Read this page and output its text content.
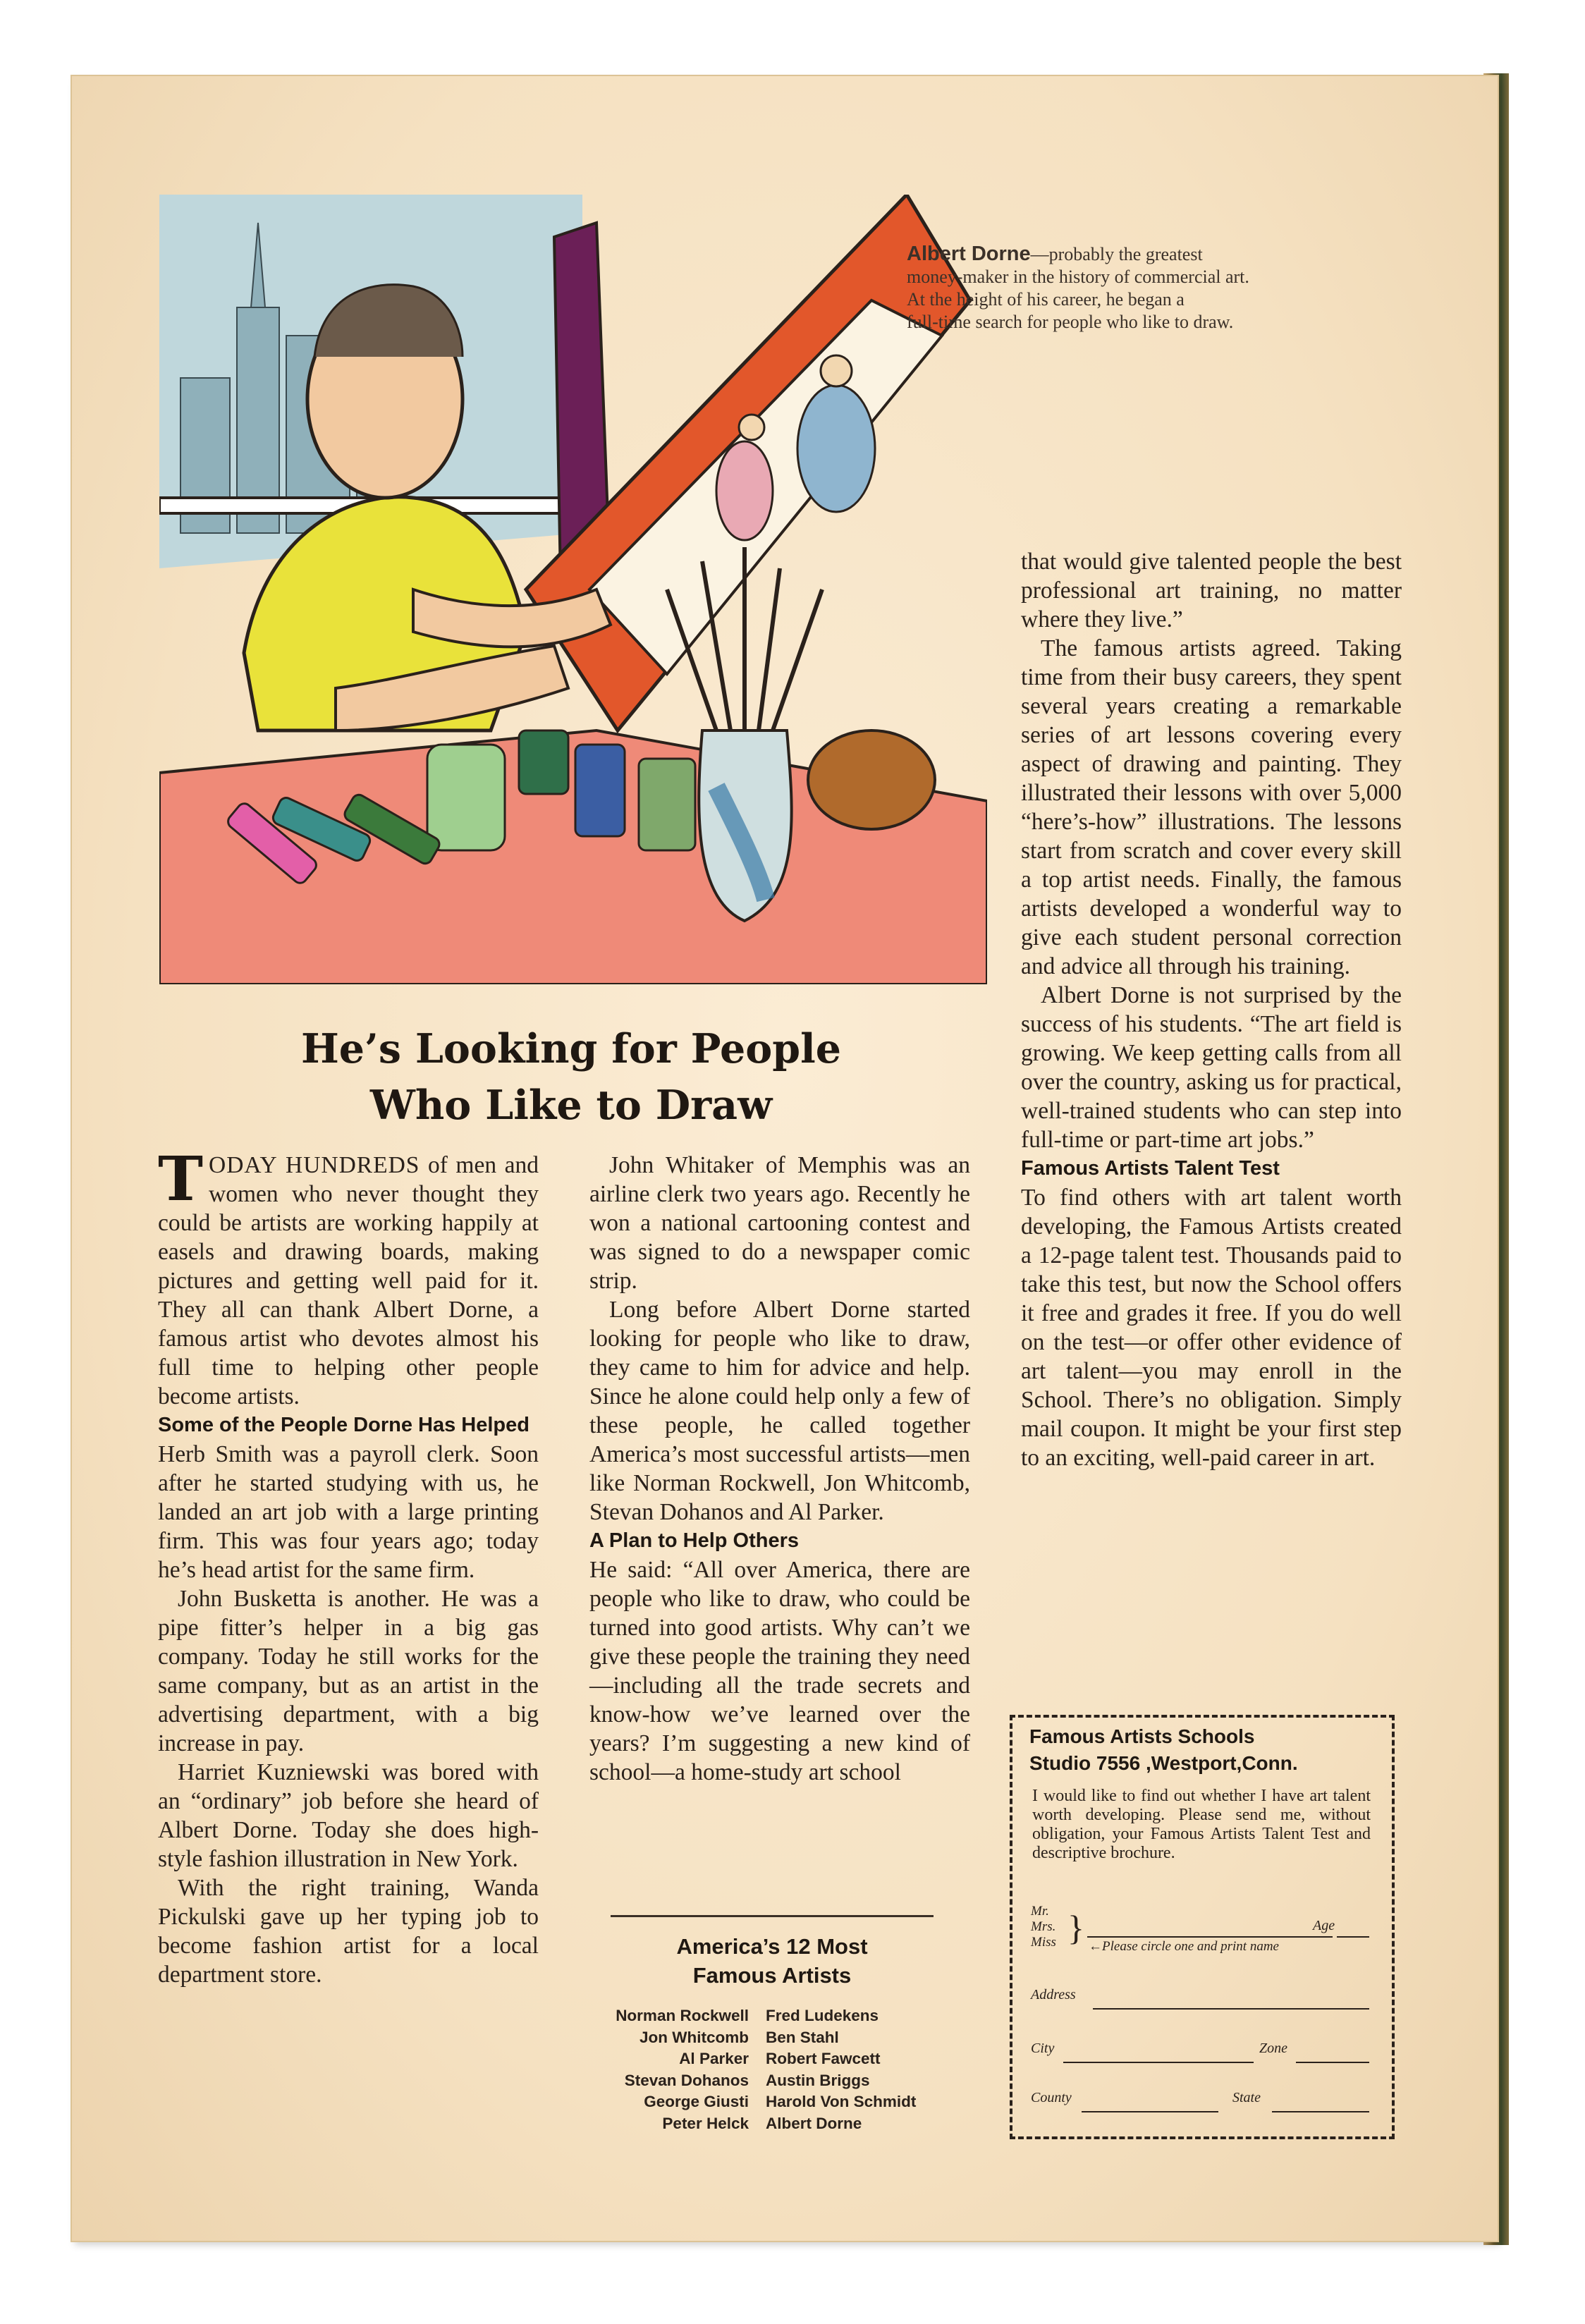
Albert Dorne—probably the greatest
money-maker in the history of commercial art.
At the height of his career, he began a
full-time search for people who like to draw.
He’s Looking for People
Who Like to Draw

TODAY HUNDREDS of men and women who never thought they could be artists are working happily at easels and drawing boards, making pictures and getting well paid for it. They all can thank Albert Dorne, a famous artist who devotes almost his full time to helping other people become artists.

Some of the People Dorne Has Helped

Herb Smith was a payroll clerk. Soon after he started studying with us, he landed an art job with a large printing firm. This was four years ago; today he’s head artist for the same firm.

John Busketta is another. He was a pipe fitter’s helper in a big gas company. Today he still works for the same company, but as an artist in the advertising department, with a big increase in pay.

Harriet Kuzniewski was bored with an “ordinary” job before she heard of Albert Dorne. Today she does high-style fashion illustration in New York.

With the right training, Wanda Pickulski gave up her typing job to become fashion artist for a local department store.

John Whitaker of Memphis was an airline clerk two years ago. Recently he won a national cartooning contest and was signed to do a newspaper comic strip.

Long before Albert Dorne started looking for people who like to draw, they came to him for advice and help. Since he alone could help only a few of these people, he called together America’s most successful artists—men like Norman Rockwell, Jon Whitcomb, Stevan Dohanos and Al Parker.

A Plan to Help Others

He said: “All over America, there are people who like to draw, who could be turned into good artists. Why can’t we give these people the training they need—including all the trade secrets and know-how we’ve learned over the years? I’m suggesting a new kind of school—a home-study art school

that would give talented people the best professional art training, no matter where they live.”

The famous artists agreed. Taking time from their busy careers, they spent several years creating a remarkable series of art lessons covering every aspect of drawing and painting. They illustrated their lessons with over 5,000 “here’s-how” illustrations. The lessons start from scratch and cover every skill a top artist needs. Finally, the famous artists developed a wonderful way to give each student personal correction and advice all through his training.

Albert Dorne is not surprised by the success of his students. “The art field is growing. We keep getting calls from all over the country, asking us for practical, well-trained students who can step into full-time or part-time art jobs.”

Famous Artists Talent Test

To find others with art talent worth developing, the Famous Artists created a 12-page talent test. Thousands paid to take this test, but now the School offers it free and grades it free. If you do well on the test—or offer other evidence of art talent—you may enroll in the School. There’s no obligation. Simply mail coupon. It might be your first step to an exciting, well-paid career in art.

America’s 12 Most
Famous Artists
Norman Rockwell	Fred Ludekens
Jon Whitcomb	Ben Stahl
Al Parker	Robert Fawcett
Stevan Dohanos	Austin Briggs
George Giusti	Harold Von Schmidt
Peter Helck	Albert Dorne
Famous Artists Schools
Studio 7556 ,Westport,Conn.
I would like to find out whether I have art talent worth developing. Please send me, without obligation, your Famous Artists Talent Test and descriptive brochure.
Mr.
Mrs.
Miss }	Age
←Please circle one and print name
Address
City	Zone
County	State
